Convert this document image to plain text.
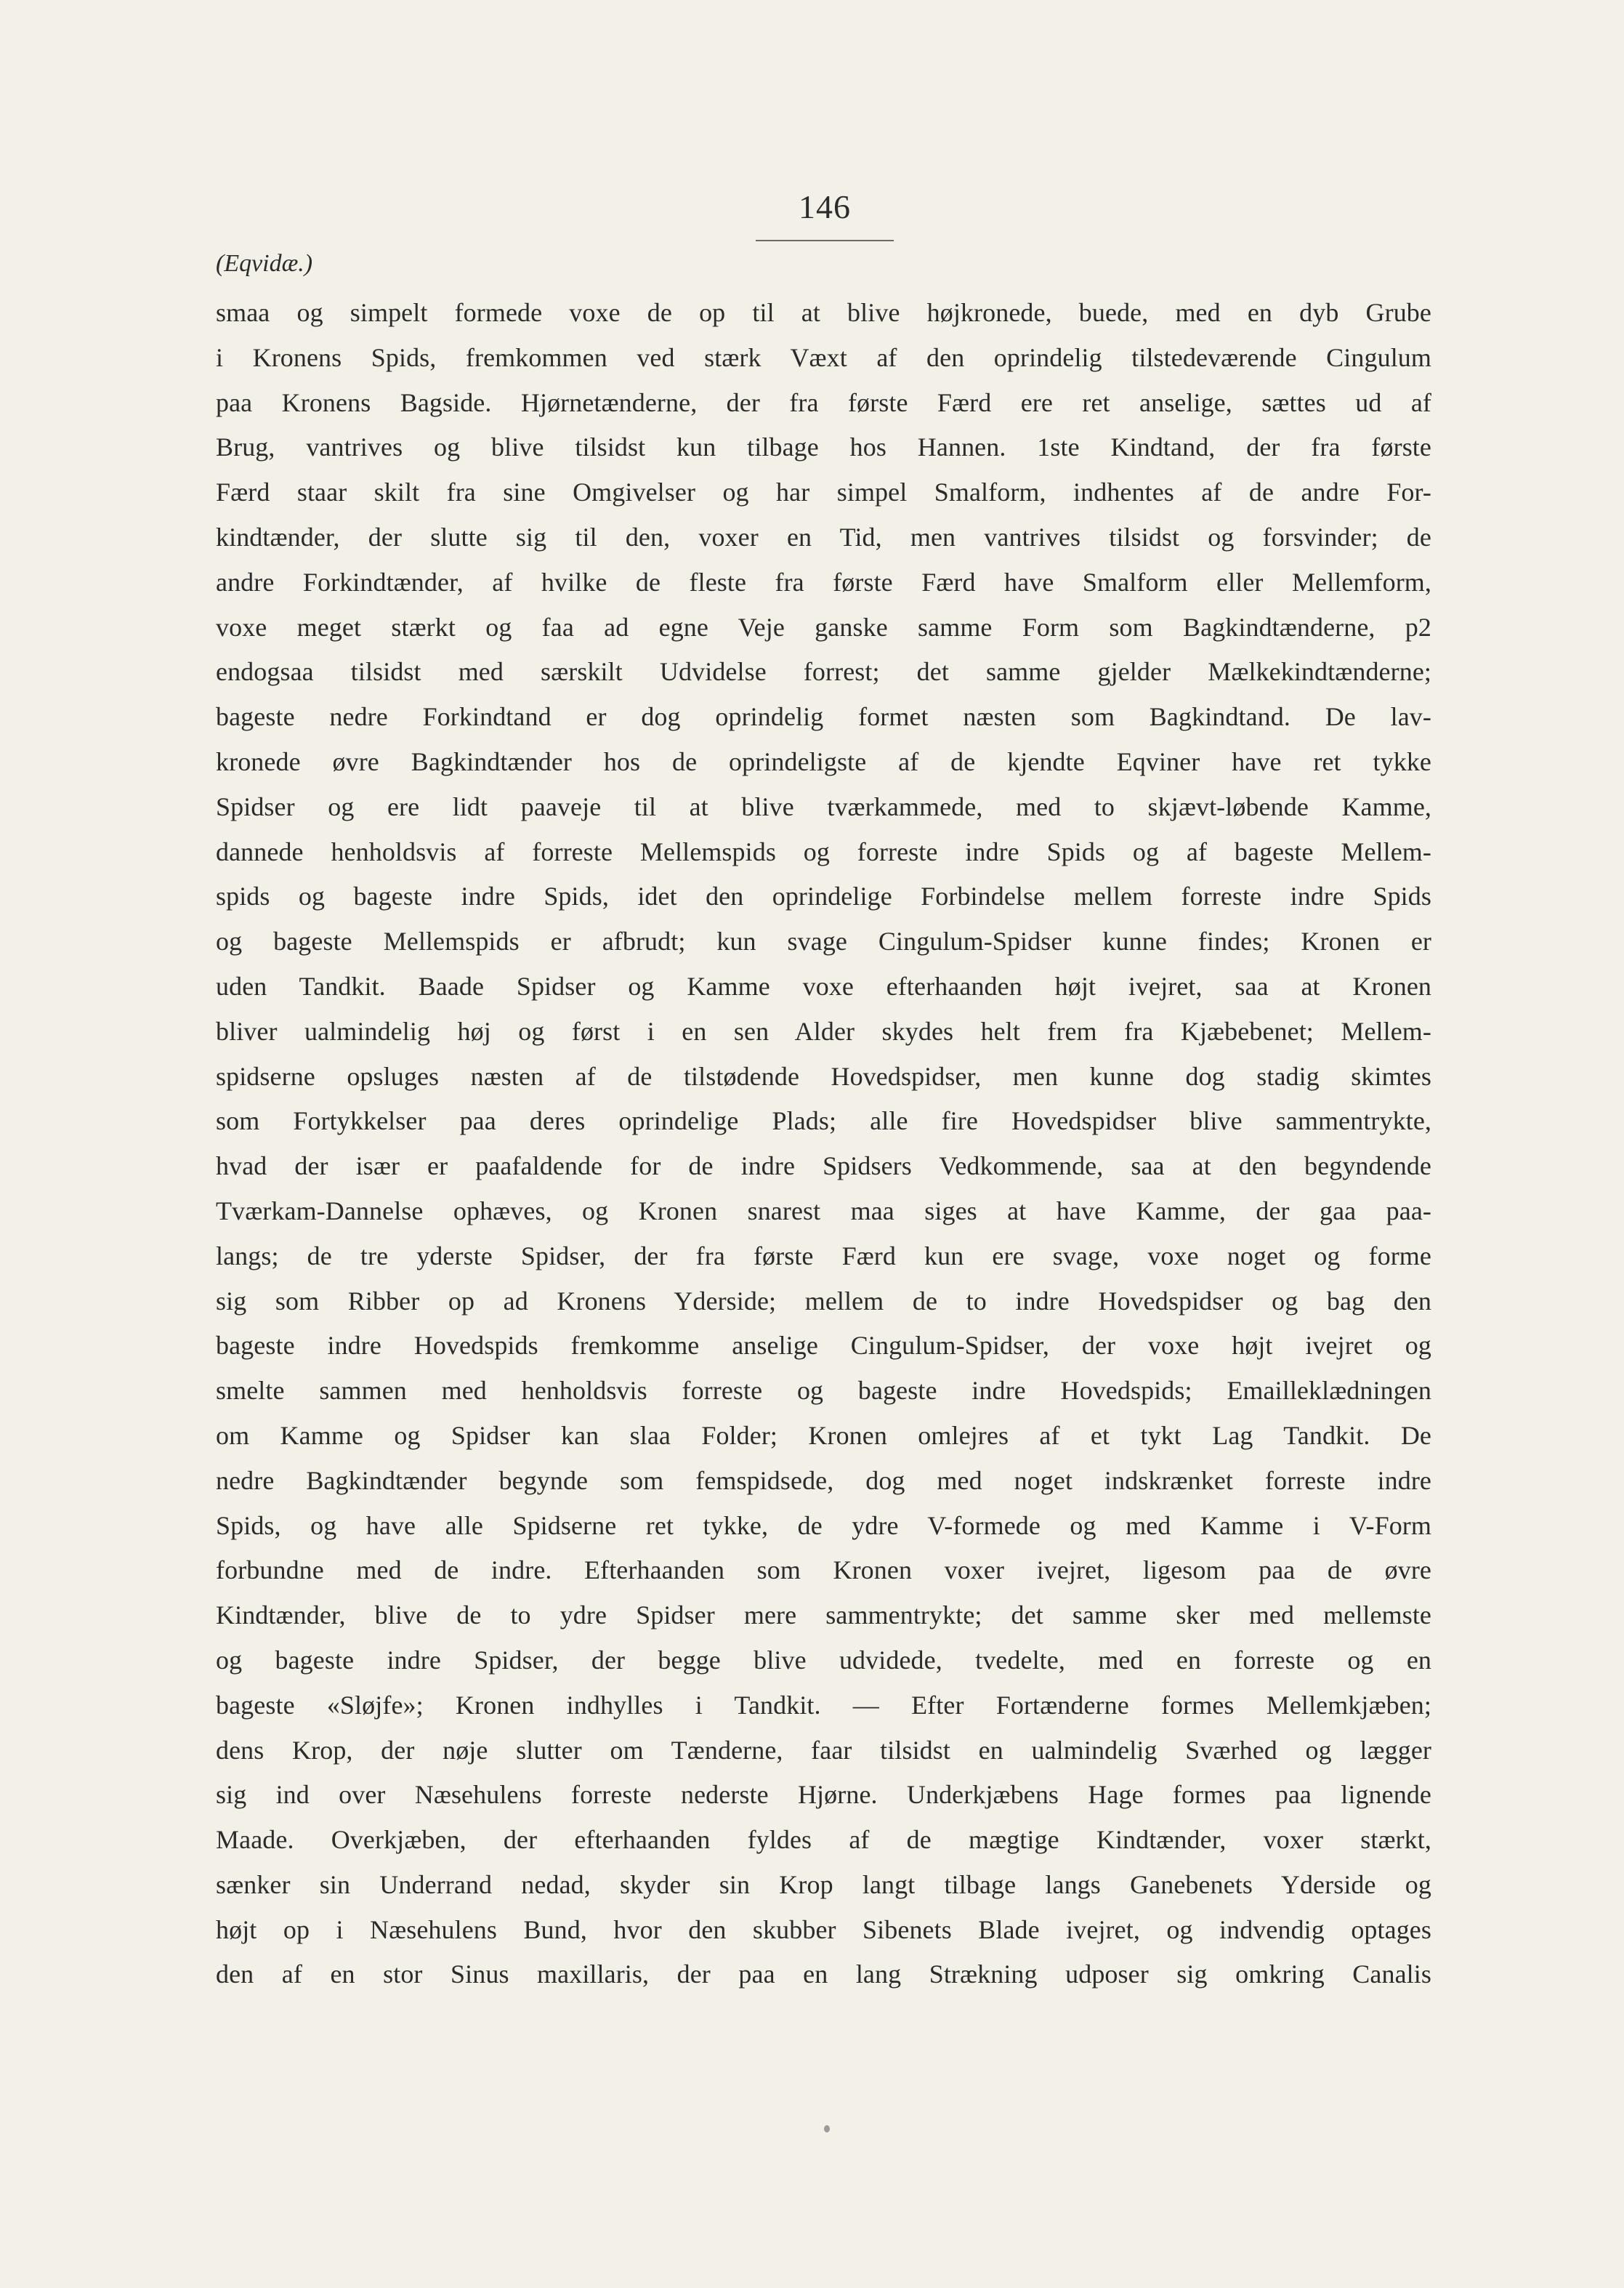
146
(Eqvidæ.)
smaa og simpelt formede voxe de op til at blive højkronede, buede, med en dyb Grube
i Kronens Spids, fremkommen ved stærk Væxt af den oprindelig tilstedeværende Cingulum
paa Kronens Bagside. Hjørnetænderne, der fra første Færd ere ret anselige, sættes ud af
Brug, vantrives og blive tilsidst kun tilbage hos Hannen. 1ste Kindtand, der fra første
Færd staar skilt fra sine Omgivelser og har simpel Smalform, indhentes af de andre For-
kindtænder, der slutte sig til den, voxer en Tid, men vantrives tilsidst og forsvinder; de
andre Forkindtænder, af hvilke de fleste fra første Færd have Smalform eller Mellemform,
voxe meget stærkt og faa ad egne Veje ganske samme Form som Bagkindtænderne, p2
endogsaa tilsidst med særskilt Udvidelse forrest; det samme gjelder Mælkekindtænderne;
bageste nedre Forkindtand er dog oprindelig formet næsten som Bagkindtand. De lav-
kronede øvre Bagkindtænder hos de oprindeligste af de kjendte Eqviner have ret tykke
Spidser og ere lidt paaveje til at blive tværkammede, med to skjævt-løbende Kamme,
dannede henholdsvis af forreste Mellemspids og forreste indre Spids og af bageste Mellem-
spids og bageste indre Spids, idet den oprindelige Forbindelse mellem forreste indre Spids
og bageste Mellemspids er afbrudt; kun svage Cingulum-Spidser kunne findes; Kronen er
uden Tandkit. Baade Spidser og Kamme voxe efterhaanden højt ivejret, saa at Kronen
bliver ualmindelig høj og først i en sen Alder skydes helt frem fra Kjæbebenet; Mellem-
spidserne opsluges næsten af de tilstødende Hovedspidser, men kunne dog stadig skimtes
som Fortykkelser paa deres oprindelige Plads; alle fire Hovedspidser blive sammentrykte,
hvad der især er paafaldende for de indre Spidsers Vedkommende, saa at den begyndende
Tværkam-Dannelse ophæves, og Kronen snarest maa siges at have Kamme, der gaa paa-
langs; de tre yderste Spidser, der fra første Færd kun ere svage, voxe noget og forme
sig som Ribber op ad Kronens Yderside; mellem de to indre Hovedspidser og bag den
bageste indre Hovedspids fremkomme anselige Cingulum-Spidser, der voxe højt ivejret og
smelte sammen med henholdsvis forreste og bageste indre Hovedspids; Emailleklædningen
om Kamme og Spidser kan slaa Folder; Kronen omlejres af et tykt Lag Tandkit. De
nedre Bagkindtænder begynde som femspidsede, dog med noget indskrænket forreste indre
Spids, og have alle Spidserne ret tykke, de ydre V-formede og med Kamme i V-Form
forbundne med de indre. Efterhaanden som Kronen voxer ivejret, ligesom paa de øvre
Kindtænder, blive de to ydre Spidser mere sammentrykte; det samme sker med mellemste
og bageste indre Spidser, der begge blive udvidede, tvedelte, med en forreste og en
bageste «Sløjfe»; Kronen indhylles i Tandkit. — Efter Fortænderne formes Mellemkjæben;
dens Krop, der nøje slutter om Tænderne, faar tilsidst en ualmindelig Sværhed og lægger
sig ind over Næsehulens forreste nederste Hjørne. Underkjæbens Hage formes paa lignende
Maade. Overkjæben, der efterhaanden fyldes af de mægtige Kindtænder, voxer stærkt,
sænker sin Underrand nedad, skyder sin Krop langt tilbage langs Ganebenets Yderside og
højt op i Næsehulens Bund, hvor den skubber Sibenets Blade ivejret, og indvendig optages
den af en stor Sinus maxillaris, der paa en lang Strækning udposer sig omkring Canalis
